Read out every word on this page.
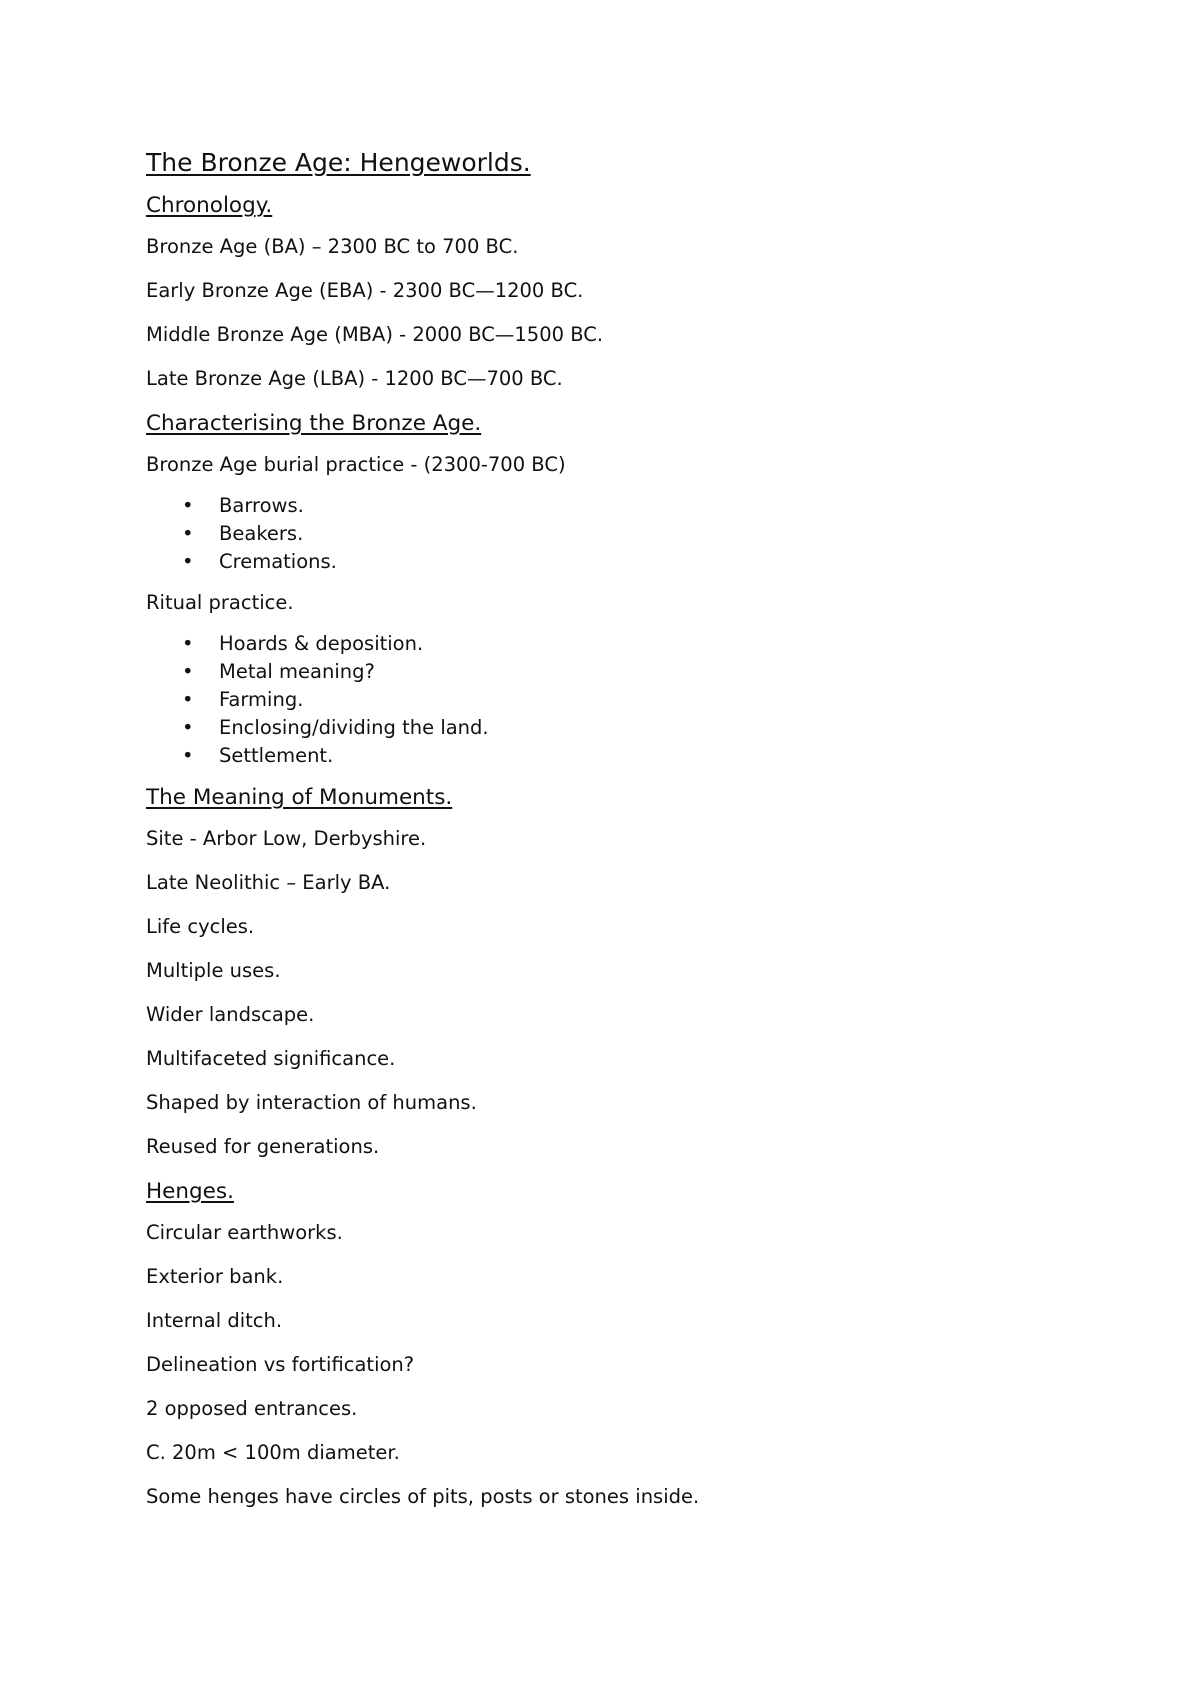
The Bronze Age: Hengeworlds.
Chronology.

Bronze Age (BA) – 2300 BC to 700 BC.

Early Bronze Age (EBA) - 2300 BC—1200 BC.

Middle Bronze Age (MBA) - 2000 BC—1500 BC.

Late Bronze Age (LBA) - 1200 BC—700 BC.

Characterising the Bronze Age.

Bronze Age burial practice - (2300-700 BC)

• Barrows.
• Beakers.
• Cremations.

Ritual practice.

• Hoards & deposition.
• Metal meaning?
• Farming.
• Enclosing/dividing the land.
• Settlement.
The Meaning of Monuments.

Site - Arbor Low, Derbyshire.

Late Neolithic – Early BA.

Life cycles.

Multiple uses.

Wider landscape.

Multifaceted significance.

Shaped by interaction of humans.

Reused for generations.

Henges.

Circular earthworks.

Exterior bank.

Internal ditch.

Delineation vs fortification?

2 opposed entrances.

C. 20m < 100m diameter.

Some henges have circles of pits, posts or stones inside.
